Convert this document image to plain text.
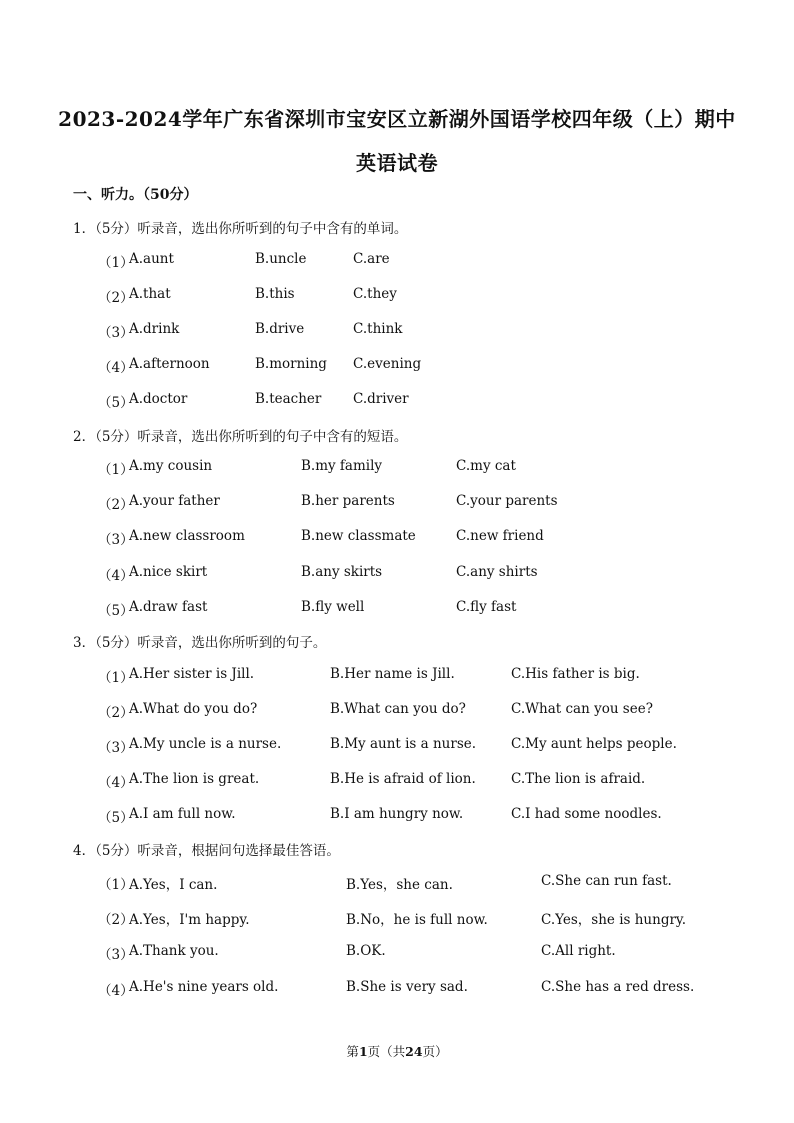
2023-2024学年广东省深圳市宝安区立新湖外国语学校四年级（上）期中
英语试卷
一、听力。（50分）
1．（5分）听录音，选出你所听到的句子中含有的单词。
（1）
A.aunt	B.uncle	C.are
（2）
A.that	B.this	C.they
（3）
A.drink	B.drive	C.think
（4）
A.afternoon	B.morning C.evening
（5）
A.doctor	B.teacher C.driver
2．（5分）听录音，选出你所听到的句子中含有的短语。
（1）
A.my cousin	B.my family	C.my cat
（2）
A.your father	B.her parents	C.your parents
（3）
A.new classroom	B.new classmate	C.new friend
（4）
A.nice skirt	B.any skirts	C.any shirts
（5）
A.draw fast	B.fly well	C.fly fast
3．（5分）听录音，选出你所听到的句子。
（1）
A.Her sister is Jill.	B.Her name is Jill.	C.His father is big.
（2）
A.What do you do?	B.What can you do?	C.What can you see?
（3）
A.My uncle is a nurse.	B.My aunt is a nurse.	C.My aunt helps people.
（4）
A.The lion is great.	B.He is afraid of lion.	C.The lion is afraid.
（5）
A.I am full now.	B.I am hungry now.	C.I had some noodles.
4．（5分）听录音，根据问句选择最佳答语。
（1）
A.Yes，I can.	B.Yes，she can.	C.She can run fast.
（2）
A.Yes，I'm happy.	B.No，he is full now.	C.Yes，she is hungry.
（3）
A.Thank you.	B.OK.	C.All right.
（4）
A.He's nine years old.	B.She is very sad.	C.She has a red dress.
第1页（共24页）
